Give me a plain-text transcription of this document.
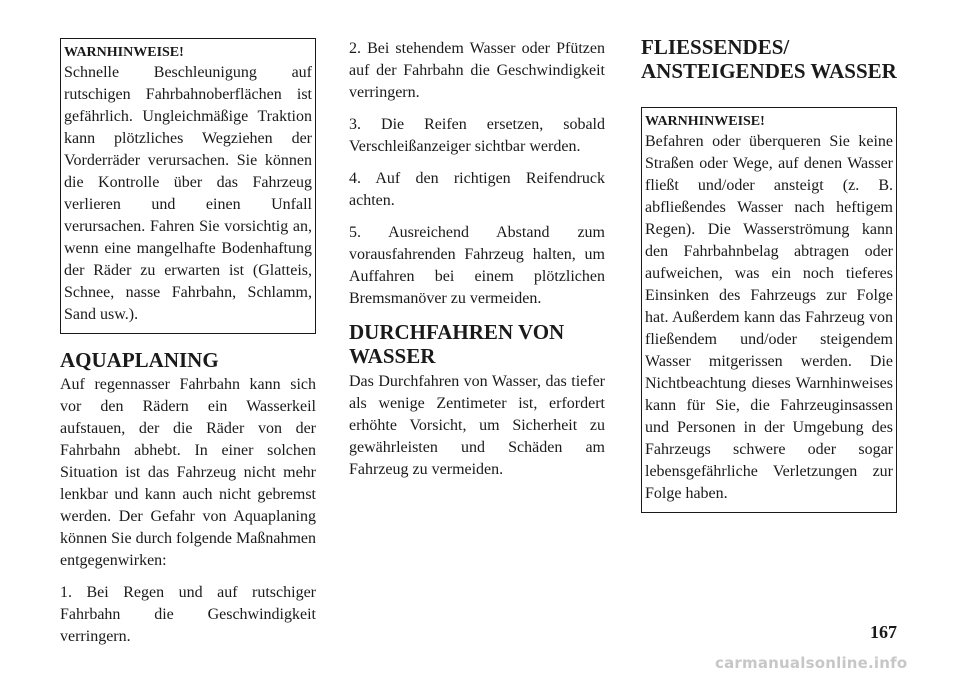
WARNHINWEISE!

Schnelle Beschleunigung auf rutschigen Fahrbahnoberflächen ist gefährlich. Ungleichmäßige Traktion kann plötzliches Wegziehen der Vorderräder verursachen. Sie können die Kontrolle über das Fahrzeug verlieren und einen Unfall verursachen. Fahren Sie vorsichtig an, wenn eine mangelhafte Bodenhaftung der Räder zu erwarten ist (Glatteis, Schnee, nasse Fahrbahn, Schlamm, Sand usw.).

AQUAPLANING

Auf regennasser Fahrbahn kann sich vor den Rädern ein Wasserkeil aufstauen, der die Räder von der Fahrbahn abhebt. In einer solchen Situation ist das Fahrzeug nicht mehr lenkbar und kann auch nicht gebremst werden. Der Gefahr von Aquaplaning können Sie durch folgende Maßnahmen entgegenwirken:

1. Bei Regen und auf rutschiger Fahrbahn die Geschwindigkeit verringern.

2. Bei stehendem Wasser oder Pfützen auf der Fahrbahn die Geschwindigkeit verringern.

3. Die Reifen ersetzen, sobald Verschleißanzeiger sichtbar werden.

4. Auf den richtigen Reifendruck achten.

5. Ausreichend Abstand zum vorausfahrenden Fahrzeug halten, um Auffahren bei einem plötzlichen Bremsmanöver zu vermeiden.

DURCHFAHREN VON
WASSER

Das Durchfahren von Wasser, das tiefer als wenige Zentimeter ist, erfordert erhöhte Vorsicht, um Sicherheit zu gewährleisten und Schäden am Fahrzeug zu vermeiden.

FLIESSENDES/
ANSTEIGENDES WASSER
WARNHINWEISE!

Befahren oder überqueren Sie keine Straßen oder Wege, auf denen Wasser fließt und/oder ansteigt (z. B. abfließendes Wasser nach heftigem Regen). Die Wasserströmung kann den Fahrbahnbelag abtragen oder aufweichen, was ein noch tieferes Einsinken des Fahrzeugs zur Folge hat. Außerdem kann das Fahrzeug von fließendem und/oder steigendem Wasser mitgerissen werden. Die Nichtbeachtung dieses Warnhinweises kann für Sie, die Fahrzeuginsassen und Personen in der Umgebung des Fahrzeugs schwere oder sogar lebensgefährliche Verletzungen zur Folge haben.

167
carmanualsonline.info
